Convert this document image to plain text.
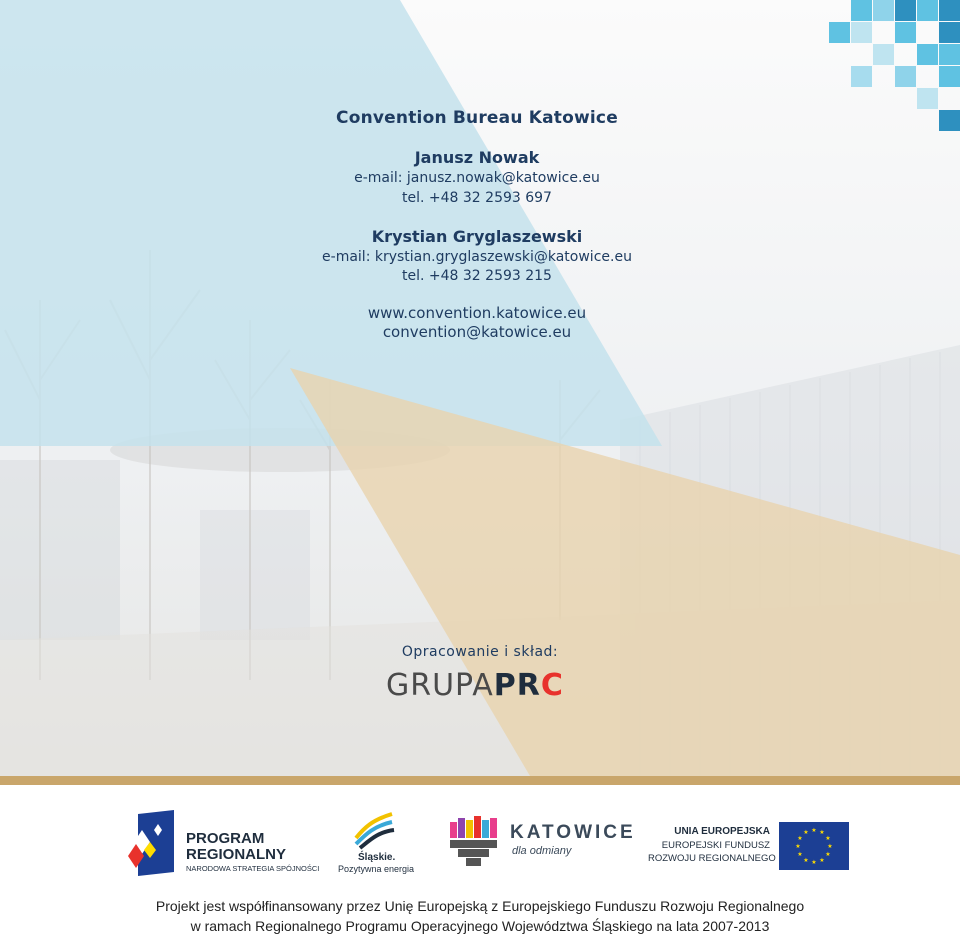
Convention Bureau Katowice
Janusz Nowak
e-mail: janusz.nowak@katowice.eu
tel. +48 32 2593 697
Krystian Gryglaszewski
e-mail: krystian.gryglaszewski@katowice.eu
tel. +48 32 2593 215
www.convention.katowice.eu
convention@katowice.eu
Opracowanie i skład:
GRUPAPRC
PROGRAM
REGIONALNY
NARODOWA STRATEGIA SPÓJNOŚCI
Śląskie.
Pozytywna energia
KATOWICE
dla odmiany
UNIA EUROPEJSKA
EUROPEJSKI FUNDUSZ
ROZWOJU REGIONALNEGO
★ ★
★
★
★
★
★
★
★
★
★
★
Projekt jest współfinansowany przez Unię Europejską z Europejskiego Funduszu Rozwoju Regionalnego
w ramach Regionalnego Programu Operacyjnego Województwa Śląskiego na lata 2007-2013
